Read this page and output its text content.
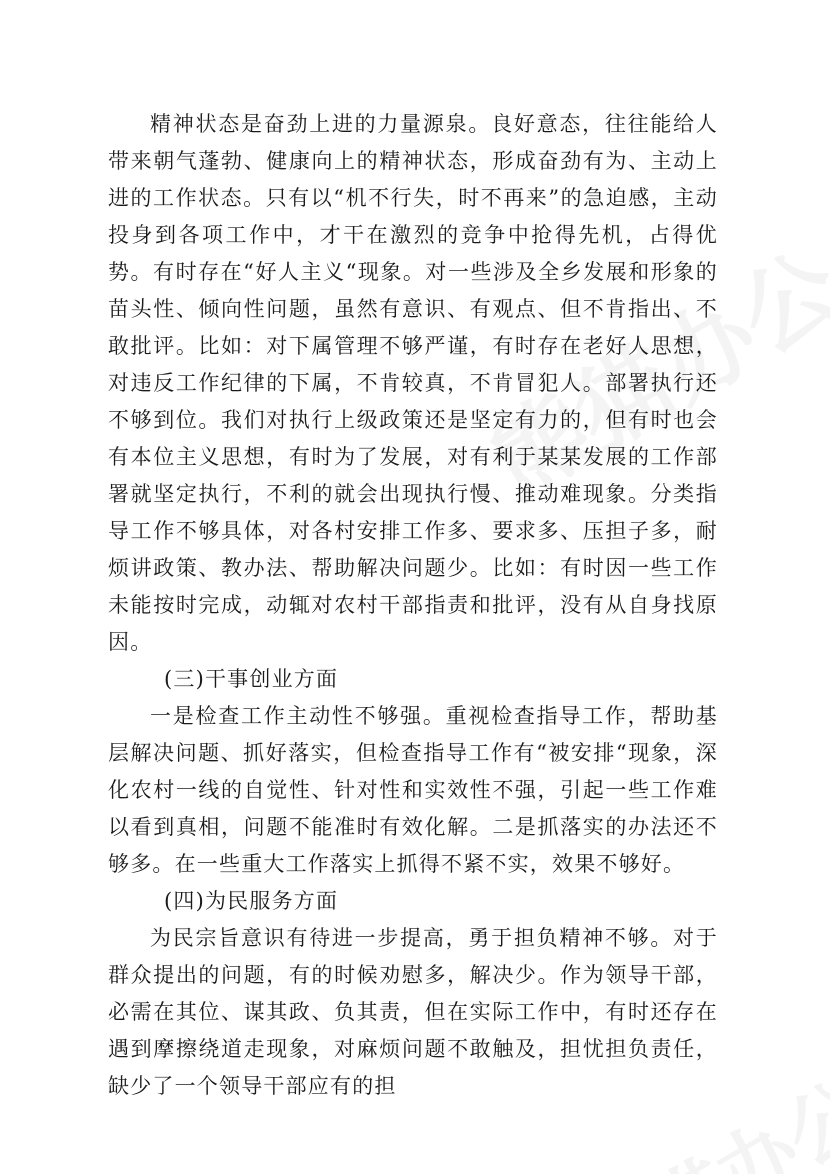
精神状态是奋劲上进的力量源泉。良好意态，往往能给人带来朝气蓬勃、健康向上的精神状态，形成奋劲有为、主动上进的工作状态。只有以“机不行失，时不再来”的急迫感，主动投身到各项工作中，才干在激烈的竞争中抢得先机，占得优势。有时存在“好人主义“现象。对一些涉及全乡发展和形象的苗头性、倾向性问题，虽然有意识、有观点、但不肯指出、不敢批评。比如：对下属管理不够严谨，有时存在老好人思想，对违反工作纪律的下属，不肯较真，不肯冒犯人。部署执行还不够到位。我们对执行上级政策还是坚定有力的，但有时也会有本位主义思想，有时为了发展，对有利于某某发展的工作部署就坚定执行，不利的就会出现执行慢、推动难现象。分类指导工作不够具体，对各村安排工作多、要求多、压担子多，耐烦讲政策、教办法、帮助解决问题少。比如：有时因一些工作未能按时完成，动辄对农村干部指责和批评，没有从自身找原因。

(三)干事创业方面

一是检查工作主动性不够强。重视检查指导工作，帮助基层解决问题、抓好落实，但检查指导工作有“被安排“现象，深化农村一线的自觉性、针对性和实效性不强，引起一些工作难以看到真相，问题不能准时有效化解。二是抓落实的办法还不够多。在一些重大工作落实上抓得不紧不实，效果不够好。

(四)为民服务方面

为民宗旨意识有待进一步提高，勇于担负精神不够。对于群众提出的问题，有的时候劝慰多，解决少。作为领导干部，必需在其位、谋其政、负其责，但在实际工作中，有时还存在遇到摩擦绕道走现象，对麻烦问题不敢触及，担忧担负责任，缺少了一个领导干部应有的担
